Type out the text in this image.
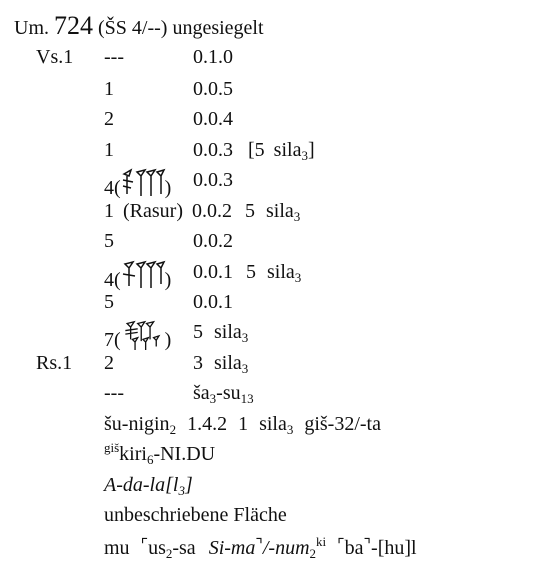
Um. 724 (ŠS 4/--) ungesiegelt
Vs.1 ---	0.1.0
1	0.0.5
2	0.0.4
1	0.0.3 [5 sila$_3$]
4( ) 0.0.3
1 (Rasur) 0.0.2 5 sila$_3$
5	0.0.2
4( ) 0.0.1 5 sila$_3$
5	0.0.1
7( ) 5 sila$_3$
Rs.1 2	3 sila$_3$
---	$ša_3-su_{13}$
šu-nigin$_2$ 1.4.2 1 sila$_3$ giš-32/-ta
$^{giš}$kiri$_6$-NI.DU
$A-da-la[l_3]$
unbeschriebene Fläche
mu $^⌜us_2-sa$ Si-ma⌝/-num$_2^{ki}$ ⌜ba⌝-[hu]l
